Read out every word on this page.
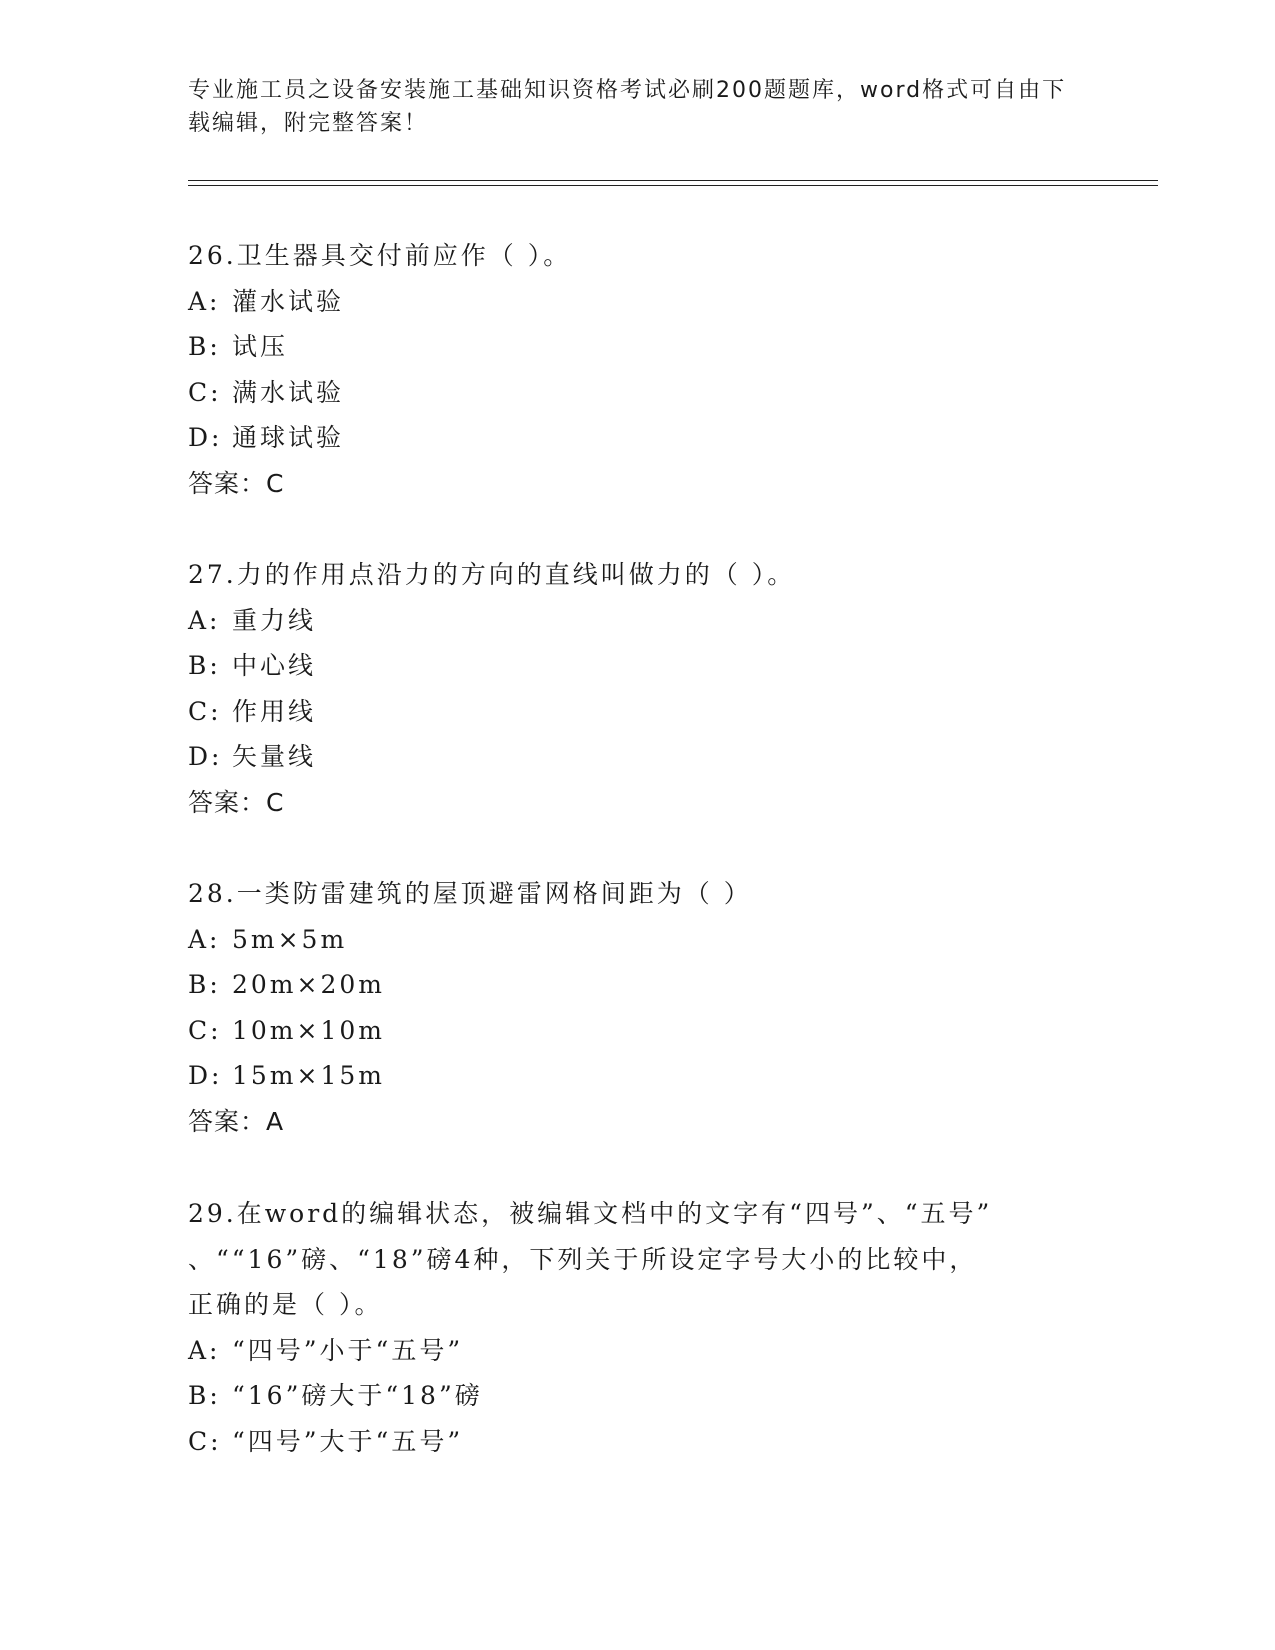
专业施工员之设备安装施工基础知识资格考试必刷200题题库，word格式可自由下载编辑，附完整答案！
26.卫生器具交付前应作（ ）。
A: 灌水试验
B: 试压
C: 满水试验
D: 通球试验
答案：C
27.力的作用点沿力的方向的直线叫做力的（ ）。
A: 重力线
B: 中心线
C: 作用线
D: 矢量线
答案：C
28.一类防雷建筑的屋顶避雷网格间距为（ ）
A: 5m×5m
B: 20m×20m
C: 10m×10m
D: 15m×15m
答案：A
29.在word的编辑状态，被编辑文档中的文字有“四号”、“五号”
、““16”磅、“18”磅4种，下列关于所设定字号大小的比较中，
正确的是（ ）。
A: “四号”小于“五号”
B: “16”磅大于“18”磅
C: “四号”大于“五号”
